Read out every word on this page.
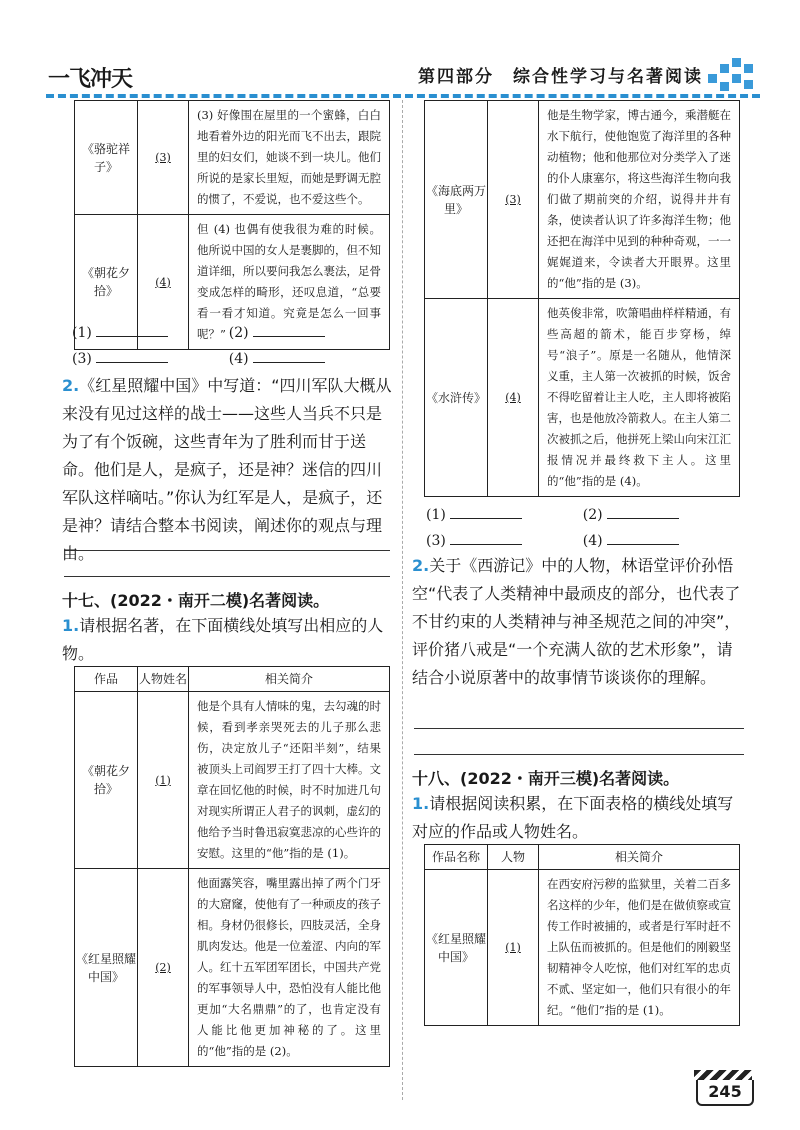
一飞冲天	第四部分　综合性学习与名著阅读
《骆驼祥子》	(3)	(3) 好像围在屋里的一个蜜蜂，白白地看着外边的阳光而飞不出去，跟院里的妇女们，她谈不到一块儿。他们所说的是家长里短，而她是野调无腔的惯了，不爱说，也不爱这些个。
《朝花夕拾》	(4)	但 (4) 也偶有使我很为难的时候。他所说中国的女人是裹脚的，但不知道详细，所以要问我怎么裹法，足骨变成怎样的畸形，还叹息道，“总要看一看才知道。究竟是怎么一回事呢？”
(1)	(2)
(3)	(4)
2.《红星照耀中国》中写道：“四川军队大概从来没有见过这样的战士——这些人当兵不只是为了有个饭碗，这些青年为了胜利而甘于送命。他们是人，是疯子，还是神？迷信的四川军队这样嘀咕。”你认为红军是人，是疯子，还是神？请结合整本书阅读，阐述你的观点与理由。
十七、(2022・南开二模)名著阅读。
1.请根据名著，在下面横线处填写出相应的人物。
作品	人物姓名	相关简介
《朝花夕拾》	(1)	他是个具有人情味的鬼，去勾魂的时候，看到孝亲哭死去的儿子那么悲伤，决定放儿子“还阳半刻”，结果被顶头上司阎罗王打了四十大棒。文章在回忆他的时候，时不时加进几句对现实所谓正人君子的讽刺，虚幻的他给予当时鲁迅寂寞悲凉的心些许的安慰。这里的“他”指的是 (1)。
《红星照耀中国》	(2)	他面露笑容，嘴里露出掉了两个门牙的大窟窿，使他有了一种顽皮的孩子相。身材仍很修长，四肢灵活，全身肌肉发达。他是一位羞涩、内向的军人。红十五军团军团长，中国共产党的军事领导人中，恐怕没有人能比他更加“大名鼎鼎”的了，也肯定没有人能比他更加神秘的了。这里的“他”指的是 (2)。
《海底两万里》	(3)	他是生物学家，博古通今，乘潜艇在水下航行，使他饱览了海洋里的各种动植物；他和他那位对分类学入了迷的仆人康塞尔，将这些海洋生物向我们做了期前突的介绍，说得井井有条，使读者认识了许多海洋生物；他还把在海洋中见到的种种奇观，一一娓娓道来，令读者大开眼界。这里的“他”指的是 (3)。
《水浒传》	(4)	他英俊非常，吹箫唱曲样样精通，有些高超的箭术，能百步穿杨，绰号“浪子”。原是一名随从，他情深义重，主人第一次被抓的时候，饭舍不得吃留着让主人吃，主人即将被陷害，也是他放冷箭救人。在主人第二次被抓之后，他拼死上梁山向宋江汇报情况并最终救下主人。这里的“他”指的是 (4)。
(1)	(2)
(3)	(4)
2.关于《西游记》中的人物，林语堂评价孙悟空“代表了人类精神中最顽皮的部分，也代表了不甘约束的人类精神与神圣规范之间的冲突”，评价猪八戒是“一个充满人欲的艺术形象”，请结合小说原著中的故事情节谈谈你的理解。
十八、(2022・南开三模)名著阅读。
1.请根据阅读积累，在下面表格的横线处填写对应的作品或人物姓名。
作品名称	人物	相关简介
《红星照耀中国》	(1)	在西安府污秽的监狱里，关着二百多名这样的少年，他们是在做侦察或宣传工作时被捕的，或者是行军时赶不上队伍而被抓的。但是他们的刚毅坚韧精神令人吃惊，他们对红军的忠贞不贰、坚定如一，他们只有很小的年纪。“他们”指的是 (1)。
245
